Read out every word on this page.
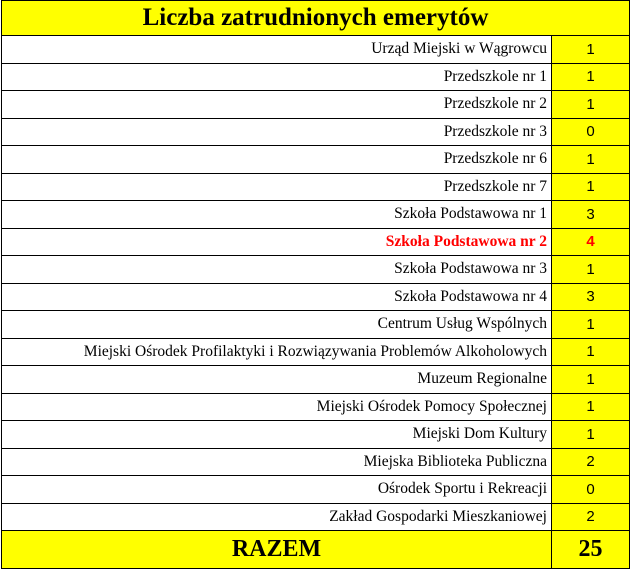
Liczba zatrudnionych emerytów	
Urząd Miejski w Wągrowcu	1
Przedszkole nr 1	1
Przedszkole nr 2	1
Przedszkole nr 3	0
Przedszkole nr 6	1
Przedszkole nr 7	1
Szkoła Podstawowa nr 1	3
Szkoła Podstawowa nr 2	4
Szkoła Podstawowa nr 3	1
Szkoła Podstawowa nr 4	3
Centrum Usług Wspólnych	1
Miejski Ośrodek Profilaktyki i Rozwiązywania Problemów Alkoholowych	1
Muzeum Regionalne	1
Miejski Ośrodek Pomocy Społecznej	1
Miejski Dom Kultury	1
Miejska Biblioteka Publiczna	2
Ośrodek Sportu i Rekreacji	0
Zakład Gospodarki Mieszkaniowej	2
RAZEM	25
